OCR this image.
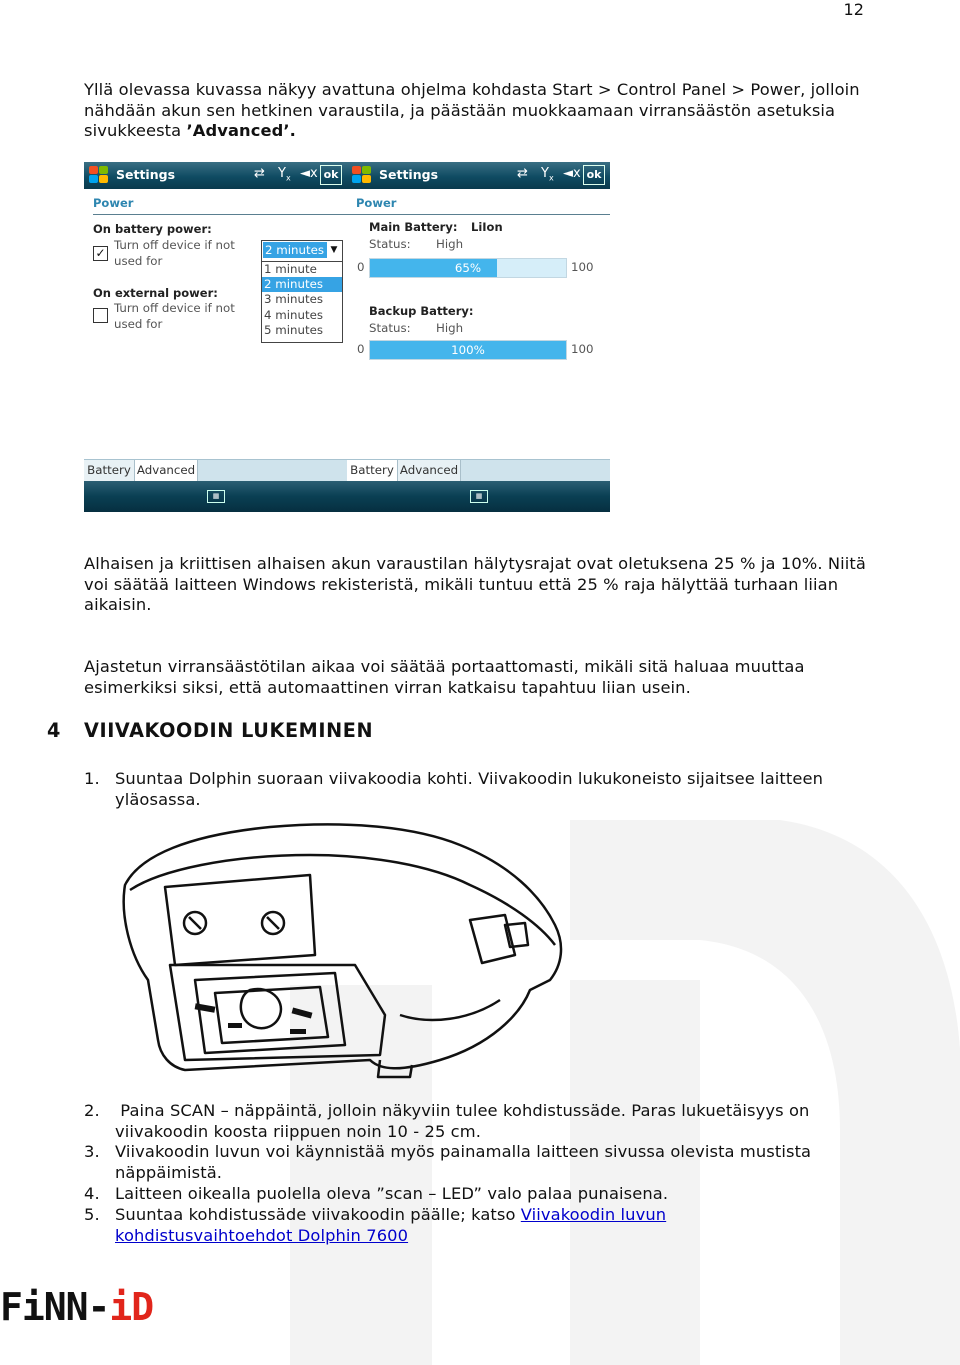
12
Yllä olevassa kuvassa näkyy avattuna ohjelma kohdasta Start > Control Panel > Power, jolloin nähdään akun sen hetkinen varaustila, ja päästään muokkaamaan virransäästön asetuksia sivukkeesta ’Advanced’.
Settings	⇄ $Y_x$ ◄x ok
Power
On battery power:
✓
Turn off device if not
used for
2 minutes ▼
1 minute
2 minutes
3 minutes
4 minutes
5 minutes
On external power:
Turn off device if not
used for
Battery Advanced
▦
Settings	⇄ $Y_x$ ◄x ok
Power
Main Battery: LiIon
Status: High
0	65%	100
Backup Battery:
Status: High
0	100%	100
Battery Advanced
▦
Alhaisen ja kriittisen alhaisen akun varaustilan hälytysrajat ovat oletuksena 25 % ja 10%. Niitä voi säätää laitteen Windows rekisteristä, mikäli tuntuu että 25 % raja hälyttää turhaan liian aikaisin.
Ajastetun virransäästötilan aikaa voi säätää portaattomasti, mikäli sitä haluaa muuttaa esimerkiksi siksi, että automaattinen virran katkaisu tapahtuu liian usein.
4 VIIVAKOODIN LUKEMINEN
1. Suuntaa Dolphin suoraan viivakoodia kohti. Viivakoodin lukukoneisto sijaitsee laitteen yläosassa.
2. Paina SCAN – näppäintä, jolloin näkyviin tulee kohdistussäde. Paras lukuetäisyys on viivakoodin koosta riippuen noin 10 - 25 cm.
3. Viivakoodin luvun voi käynnistää myös painamalla laitteen sivussa olevista mustista näppäimistä.
4. Laitteen oikealla puolella oleva ”scan – LED” valo palaa punaisena.
5. Suuntaa kohdistussäde viivakoodin päälle; katso Viivakoodin luvun kohdistusvaihtoehdot Dolphin 7600
FiNN-iD
